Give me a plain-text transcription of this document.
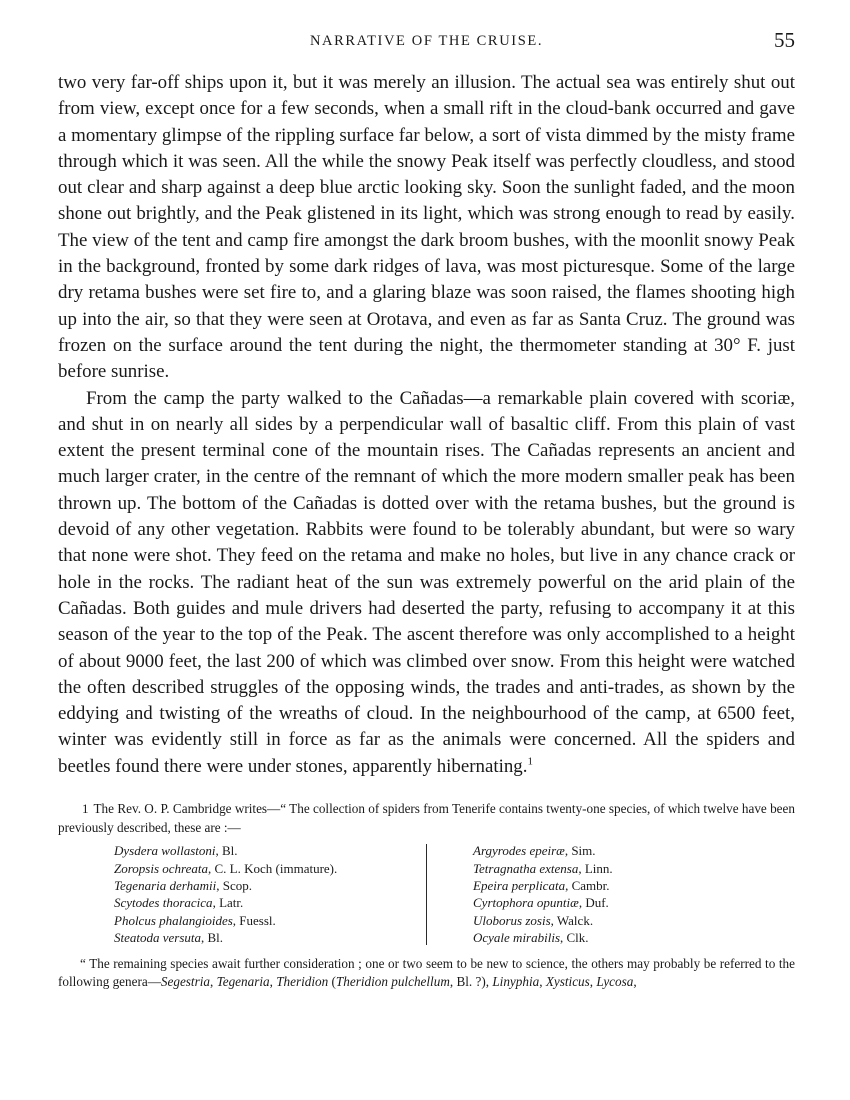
NARRATIVE OF THE CRUISE.	55

two very far-off ships upon it, but it was merely an illusion. The actual sea was entirely shut out from view, except once for a few seconds, when a small rift in the cloud-bank occurred and gave a momentary glimpse of the rippling surface far below, a sort of vista dimmed by the misty frame through which it was seen. All the while the snowy Peak itself was perfectly cloudless, and stood out clear and sharp against a deep blue arctic looking sky. Soon the sunlight faded, and the moon shone out brightly, and the Peak glistened in its light, which was strong enough to read by easily. The view of the tent and camp fire amongst the dark broom bushes, with the moonlit snowy Peak in the background, fronted by some dark ridges of lava, was most picturesque. Some of the large dry retama bushes were set fire to, and a glaring blaze was soon raised, the flames shooting high up into the air, so that they were seen at Orotava, and even as far as Santa Cruz. The ground was frozen on the surface around the tent during the night, the thermometer standing at 30° F. just before sunrise.

From the camp the party walked to the Cañadas—a remarkable plain covered with scoriæ, and shut in on nearly all sides by a perpendicular wall of basaltic cliff. From this plain of vast extent the present terminal cone of the mountain rises. The Cañadas represents an ancient and much larger crater, in the centre of the remnant of which the more modern smaller peak has been thrown up. The bottom of the Cañadas is dotted over with the retama bushes, but the ground is devoid of any other vegetation. Rabbits were found to be tolerably abundant, but were so wary that none were shot. They feed on the retama and make no holes, but live in any chance crack or hole in the rocks. The radiant heat of the sun was extremely powerful on the arid plain of the Cañadas. Both guides and mule drivers had deserted the party, refusing to accompany it at this season of the year to the top of the Peak. The ascent therefore was only accomplished to a height of about 9000 feet, the last 200 of which was climbed over snow. From this height were watched the often described struggles of the opposing winds, the trades and anti-trades, as shown by the eddying and twisting of the wreaths of cloud. In the neighbourhood of the camp, at 6500 feet, winter was evidently still in force as far as the animals were concerned. All the spiders and beetles found there were under stones, apparently hibernating.$^1$

1 The Rev. O. P. Cambridge writes—“ The collection of spiders from Tenerife contains twenty-one species, of which twelve have been previously described, these are :—

Dysdera wollastoni, Bl.
Zoropsis ochreata, C. L. Koch (immature).
Tegenaria derhamii, Scop.
Scytodes thoracica, Latr.
Pholcus phalangioides, Fuessl.
Steatoda versuta, Bl.
Argyrodes epeiræ, Sim.
Tetragnatha extensa, Linn.
Epeira perplicata, Cambr.
Cyrtophora opuntiæ, Duf.
Uloborus zosis, Walck.
Ocyale mirabilis, Clk.

“ The remaining species await further consideration ; one or two seem to be new to science, the others may probably be referred to the following genera—Segestria, Tegenaria, Theridion (Theridion pulchellum, Bl. ?), Linyphia, Xysticus, Lycosa,
